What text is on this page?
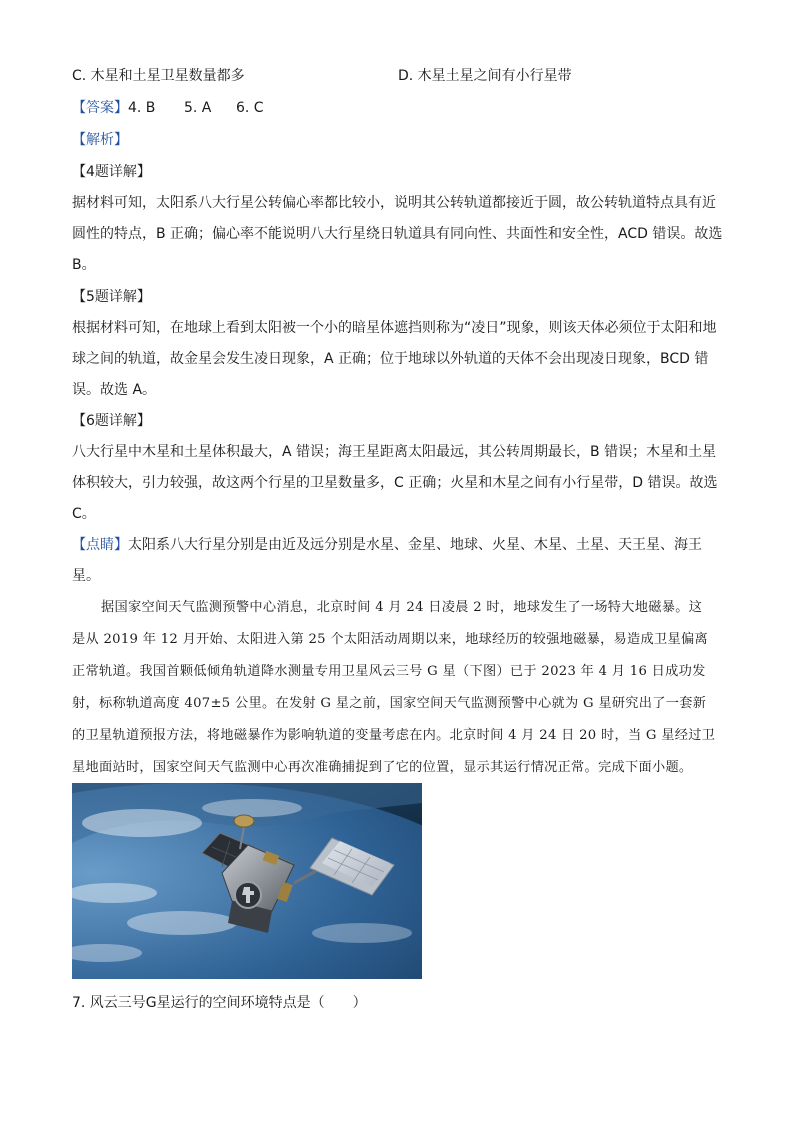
C. 木星和土星卫星数量都多	D. 木星土星之间有小行星带
【答案】4. B 5. A 6. C
【解析】
【4题详解】
据材料可知，太阳系八大行星公转偏心率都比较小，说明其公转轨道都接近于圆，故公转轨道特点具有近
圆性的特点，B 正确；偏心率不能说明八大行星绕日轨道具有同向性、共面性和安全性，ACD 错误。故选
B。
【5题详解】
根据材料可知，在地球上看到太阳被一个小的暗星体遮挡则称为“凌日”现象，则该天体必须位于太阳和地
球之间的轨道，故金星会发生凌日现象，A 正确；位于地球以外轨道的天体不会出现凌日现象，BCD 错
误。故选 A。
【6题详解】
八大行星中木星和土星体积最大，A 错误；海王星距离太阳最远，其公转周期最长，B 错误；木星和土星
体积较大，引力较强，故这两个行星的卫星数量多，C 正确；火星和木星之间有小行星带，D 错误。故选
C。
【点睛】太阳系八大行星分别是由近及远分别是水星、金星、地球、火星、木星、土星、天王星、海王
星。
据国家空间天气监测预警中心消息，北京时间 4 月 24 日凌晨 2 时，地球发生了一场特大地磁暴。这
是从 2019 年 12 月开始、太阳进入第 25 个太阳活动周期以来，地球经历的较强地磁暴，易造成卫星偏离
正常轨道。我国首颗低倾角轨道降水测量专用卫星风云三号 G 星（下图）已于 2023 年 4 月 16 日成功发
射，标称轨道高度 407±5 公里。在发射 G 星之前，国家空间天气监测预警中心就为 G 星研究出了一套新
的卫星轨道预报方法，将地磁暴作为影响轨道的变量考虑在内。北京时间 4 月 24 日 20 时，当 G 星经过卫
星地面站时，国家空间天气监测中心再次准确捕捉到了它的位置，显示其运行情况正常。完成下面小题。
7. 风云三号G星运行的空间环境特点是（　　）
